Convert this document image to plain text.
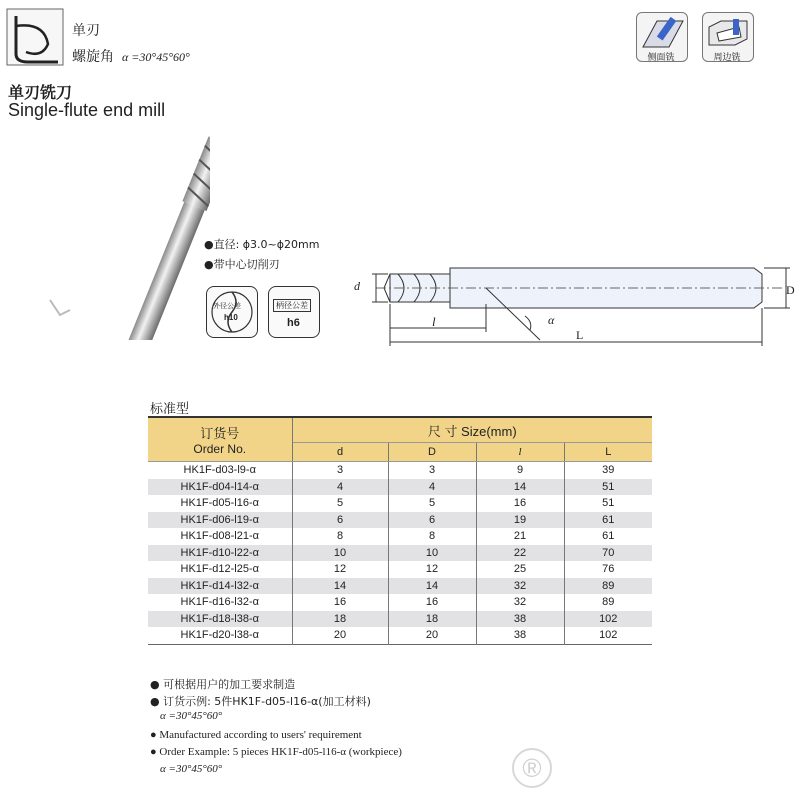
单刃
螺旋角 α =30°45°60°
单刃铣刀
Single-flute end mill
侧面铣	周边铣
●直径: ϕ3.0~ϕ20mm
●带中心切削刃
外径公差
h10
柄径公差
h6
d	D
l
L
α
标准型
订货号
Order No.	尺 寸 Size(mm)			
	d	D	l	L
HK1F-d03-l9-α	3	3	9	39
HK1F-d04-l14-α	4	4	14	51
HK1F-d05-l16-α	5	5	16	51
HK1F-d06-l19-α	6	6	19	61
HK1F-d08-l21-α	8	8	21	61
HK1F-d10-l22-α	10	10	22	70
HK1F-d12-l25-α	12	12	25	76
HK1F-d14-l32-α	14	14	32	89
HK1F-d16-l32-α	16	16	32	89
HK1F-d18-l38-α	18	18	38	102
HK1F-d20-l38-α	20	20	38	102
● 可根据用户的加工要求制造
● 订货示例: 5件HK1F-d05-l16-α(加工材料)
α =30°45°60°
● Manufactured according to users' requirement
● Order Example: 5 pieces HK1F-d05-l16-α (workpiece)
α =30°45°60°	®
